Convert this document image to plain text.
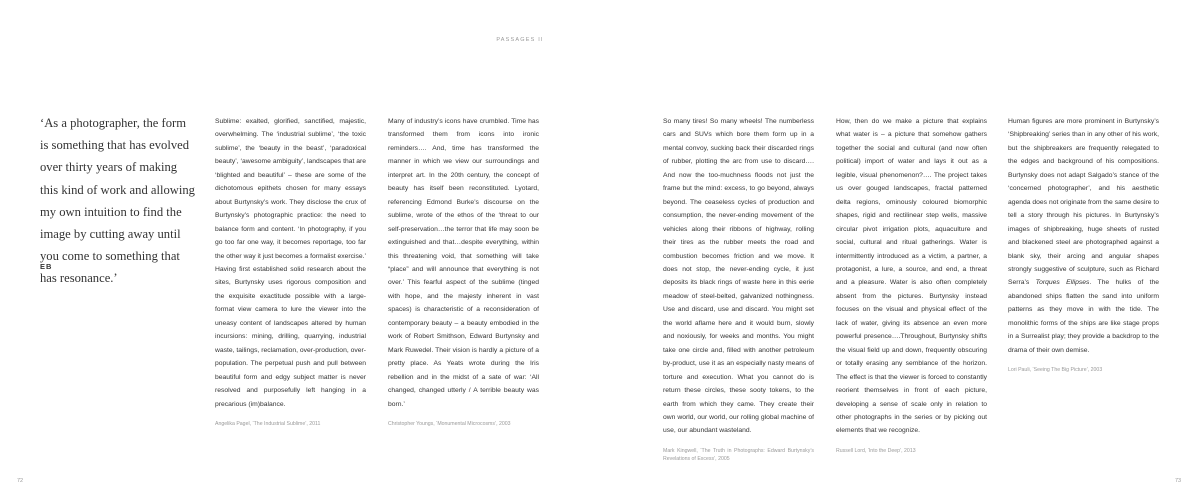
PASSAGES II
‘As a photographer, the form
is something that has evolved
over thirty years of making
this kind of work and allowing
my own intuition to find the
image by cutting away until
you come to something that
has resonance.’
EB

Sublime: exalted, glorified, sanctified, majestic, overwhelming. The ‘industrial sublime’, ‘the toxic sublime’, the ‘beauty in the beast’, ‘paradoxical beauty’, ‘awesome ambiguity’, landscapes that are ‘blighted and beautiful’ – these are some of the dichotomous epithets chosen for many essays about Burtynsky’s work. They disclose the crux of Burtynsky’s photographic practice: the need to balance form and content. ‘In photography, if you go too far one way, it becomes reportage, too far the other way it just becomes a formalist exercise.’ Having first established solid research about the sites, Burtynsky uses rigorous composition and the exquisite exactitude possible with a large-format view camera to lure the viewer into the uneasy content of landscapes altered by human incursions: mining, drilling, quarrying, industrial waste, tailings, reclamation, over-production, over-population. The perpetual push and pull between beautiful form and edgy subject matter is never resolved and purposefully left hanging in a precarious (im)balance.

Angelika Pagel, ‘The Industrial Sublime’, 2011

Many of industry’s icons have crumbled. Time has transformed them from icons into ironic reminders…. And, time has transformed the manner in which we view our surroundings and interpret art. In the 20th century, the concept of beauty has itself been reconstituted. Lyotard, referencing Edmond Burke’s discourse on the sublime, wrote of the ethos of the ‘threat to our self-preservation…the terror that life may soon be extinguished and that…despite everything, within this threatening void, that something will take “place” and will announce that everything is not over.’ This fearful aspect of the sublime (tinged with hope, and the majesty inherent in vast spaces) is characteristic of a reconsideration of contemporary beauty – a beauty embodied in the work of Robert Smithson, Edward Burtynsky and Mark Ruwedel. Their vision is hardly a picture of a pretty place. As Yeats wrote during the Iris rebellion and in the midst of a sate of war: ‘All changed, changed utterly / A terrible beauty was born.’

Christopher Youngs, ‘Monumental Microcosms’, 2003

So many tires! So many wheels! The numberless cars and SUVs which bore them form up in a mental convoy, sucking back their discarded rings of rubber, plotting the arc from use to discard…. And now the too-muchness floods not just the frame but the mind: excess, to go beyond, always beyond. The ceaseless cycles of production and consumption, the never-ending movement of the vehicles along their ribbons of highway, rolling their tires as the rubber meets the road and combustion becomes friction and we move. It does not stop, the never-ending cycle, it just deposits its black rings of waste here in this eerie meadow of steel-belted, galvanized nothingness. Use and discard, use and discard. You might set the world aflame here and it would burn, slowly and noxiously, for weeks and months. You might take one circle and, filled with another petroleum by-product, use it as an especially nasty means of torture and execution. What you cannot do is return these circles, these sooty tokens, to the earth from which they came. They create their own world, our world, our rolling global machine of use, our abundant wasteland.

Mark Kingwell, ‘The Truth in Photographs: Edward Burtynsky’s Revelations of Excess’, 2005

How, then do we make a picture that explains what water is – a picture that somehow gathers together the social and cultural (and now often political) import of water and lays it out as a legible, visual phenomenon?…. The project takes us over gouged landscapes, fractal patterned delta regions, ominously coloured biomorphic shapes, rigid and rectilinear step wells, massive circular pivot irrigation plots, aquaculture and social, cultural and ritual gatherings. Water is intermittently introduced as a victim, a partner, a protagonist, a lure, a source, and end, a threat and a pleasure. Water is also often completely absent from the pictures. Burtynsky instead focuses on the visual and physical effect of the lack of water, giving its absence an even more powerful presence….Throughout, Burtynsky shifts the visual field up and down, frequently obscuring or totally erasing any semblance of the horizon. The effect is that the viewer is forced to constantly reorient themselves in front of each picture, developing a sense of scale only in relation to other photographs in the series or by picking out elements that we recognize.

Russell Lord, ‘Into the Deep’, 2013

Human figures are more prominent in Burtynsky’s ‘Shipbreaking’ series than in any other of his work, but the shipbreakers are frequently relegated to the edges and background of his compositions. Burtynsky does not adapt Salgado’s stance of the ‘concerned photographer’, and his aesthetic agenda does not originate from the same desire to tell a story through his pictures. In Burtynsky’s images of shipbreaking, huge sheets of rusted and blackened steel are photographed against a blank sky, their arcing and angular shapes strongly suggestive of sculpture, such as Richard Serra’s Torques Ellipses. The hulks of the abandoned ships flatten the sand into uniform patterns as they move in with the tide. The monolithic forms of the ships are like stage props in a Surrealist play; they provide a backdrop to the drama of their own demise.

Lori Pauli, ‘Seeing The Big Picture’, 2003

72	73
